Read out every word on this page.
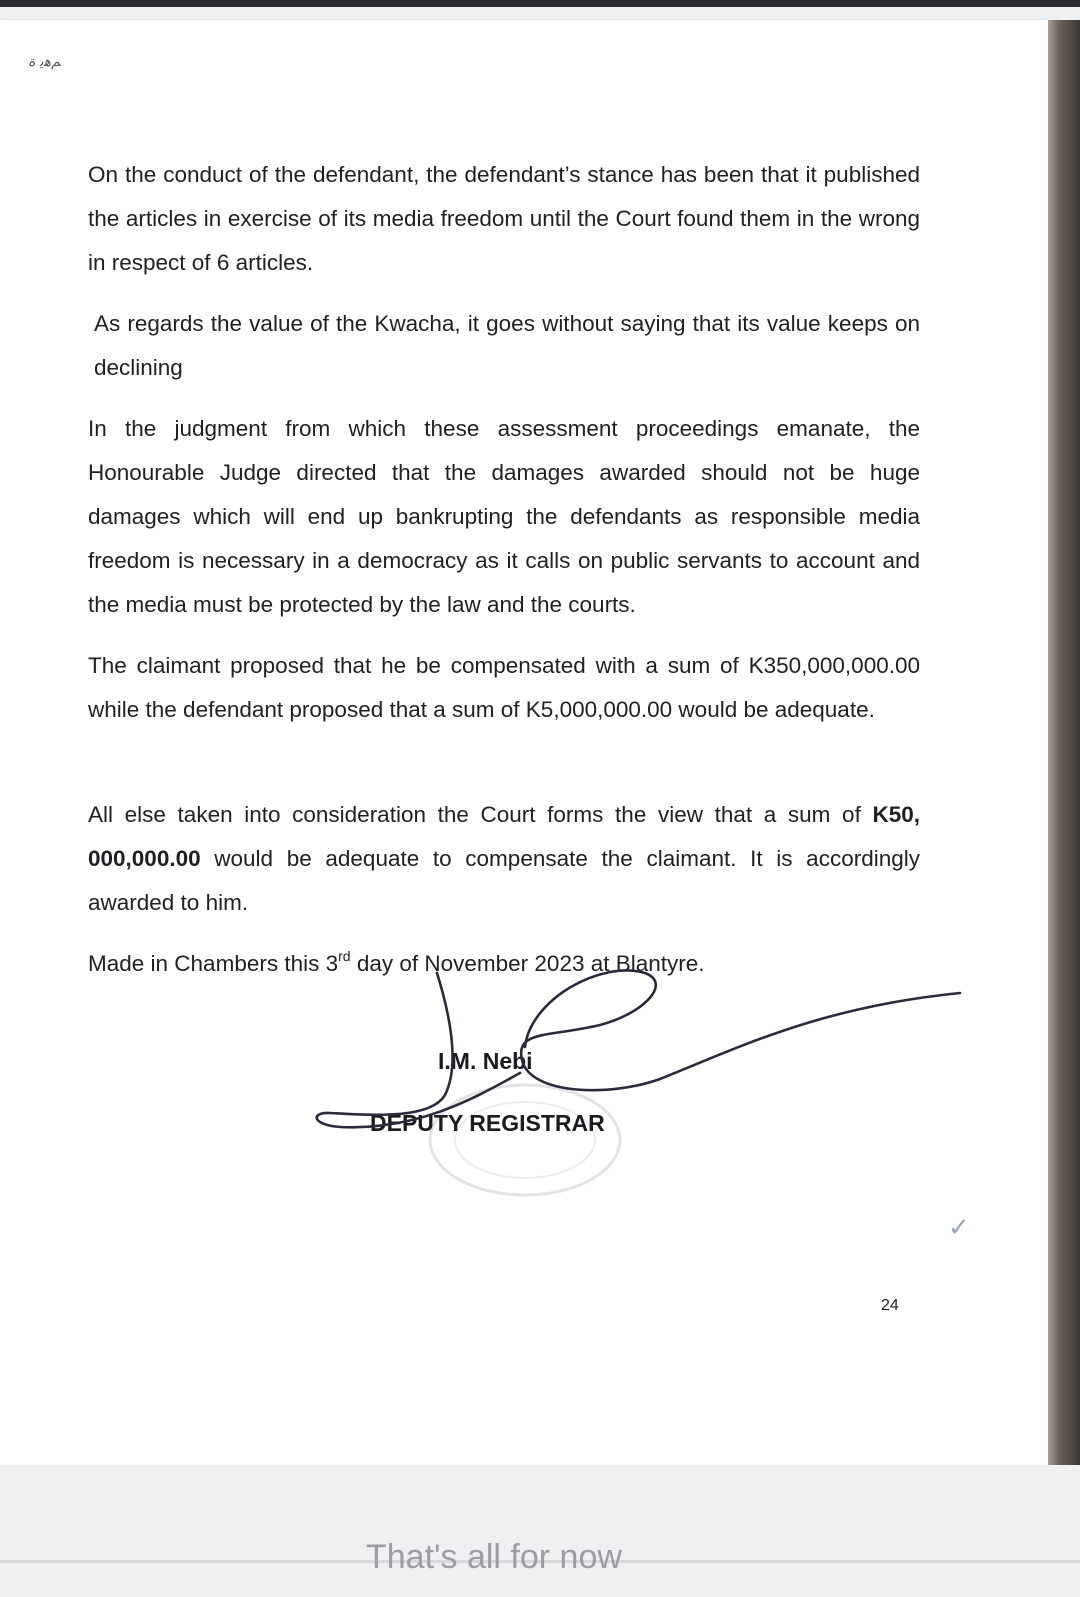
ﻢﻫﻳ ﺓ

On the conduct of the defendant, the defendant’s stance has been that it published the articles in exercise of its media freedom until the Court found them in the wrong in respect of 6 articles.

As regards the value of the Kwacha, it goes without saying that its value keeps on declining

In the judgment from which these assessment proceedings emanate, the Honourable Judge directed that the damages awarded should not be huge damages which will end up bankrupting the defendants as responsible media freedom is necessary in a democracy as it calls on public servants to account and the media must be protected by the law and the courts.

The claimant proposed that he be compensated with a sum of K350,000,000.00 while the defendant proposed that a sum of K5,000,000.00 would be adequate.

All else taken into consideration the Court forms the view that a sum of K50, 000,000.00 would be adequate to compensate the claimant. It is accordingly awarded to him.

Made in Chambers this 3rd day of November 2023 at Blantyre.

24
I.M. Nebi
DEPUTY REGISTRAR
✓
That's all for now
